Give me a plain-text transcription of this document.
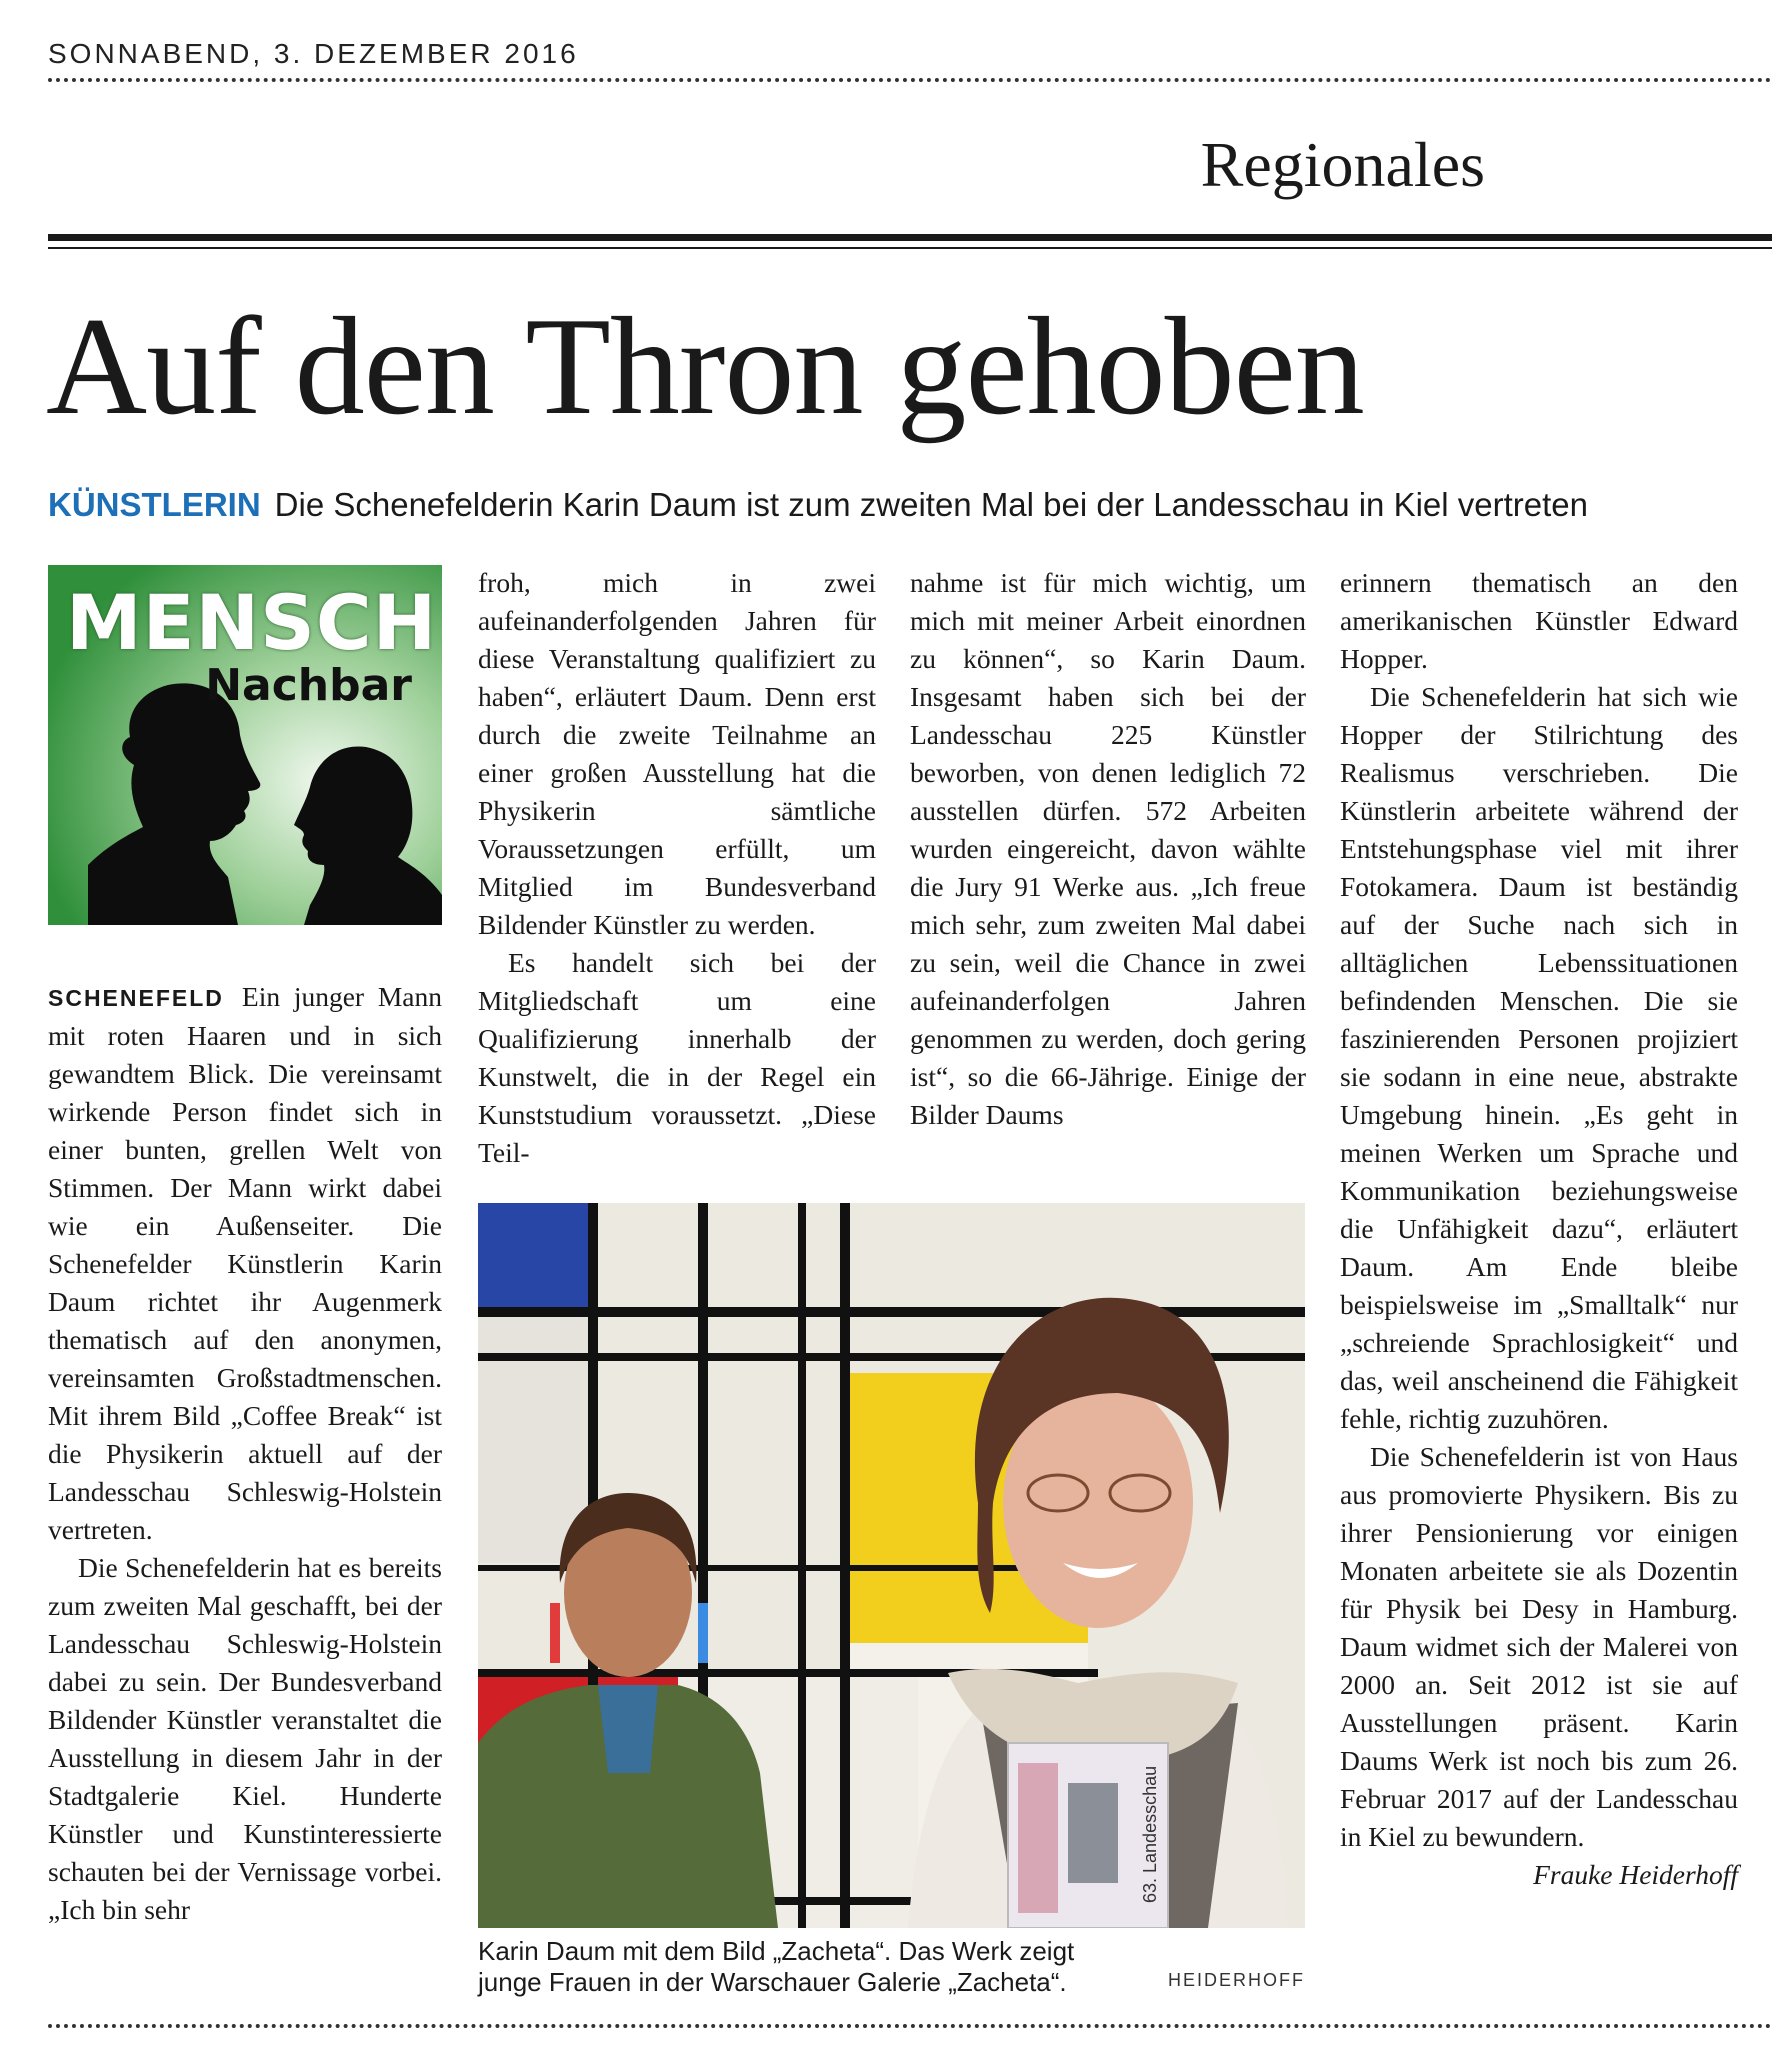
SONNABEND, 3. DEZEMBER 2016
Regionales
Auf den Thron gehoben
KÜNSTLERIN Die Schenefelderin Karin Daum ist zum zweiten Mal bei der Landesschau in Kiel vertreten
MENSCH
Nachbar

SCHENEFELD Ein junger Mann mit roten Haaren und in sich gewandtem Blick. Die vereinsamt wirkende Person findet sich in einer bunten, grellen Welt von Stimmen. Der Mann wirkt dabei wie ein Außenseiter. Die Schenefelder Künstlerin Karin Daum richtet ihr Augenmerk thematisch auf den anonymen, vereinsamten Großstadtmenschen. Mit ihrem Bild „Coffee Break“ ist die Physikerin aktuell auf der Landesschau Schleswig-Holstein vertreten.

Die Schenefelderin hat es bereits zum zweiten Mal geschafft, bei der Landesschau Schleswig-Holstein dabei zu sein. Der Bundesverband Bildender Künstler veranstaltet die Ausstellung in diesem Jahr in der Stadtgalerie Kiel. Hunderte Künstler und Kunstinteressierte schauten bei der Vernissage vorbei. „Ich bin sehr

froh, mich in zwei aufeinanderfolgenden Jahren für diese Veranstaltung qualifiziert zu haben“, erläutert Daum. Denn erst durch die zweite Teilnahme an einer großen Ausstellung hat die Physikerin sämtliche Voraussetzungen erfüllt, um Mitglied im Bundesverband Bildender Künstler zu werden.

Es handelt sich bei der Mitgliedschaft um eine Qualifizierung innerhalb der Kunstwelt, die in der Regel ein Kunststudium voraussetzt. „Diese Teil-

nahme ist für mich wichtig, um mich mit meiner Arbeit einordnen zu können“, so Karin Daum. Insgesamt haben sich bei der Landesschau 225 Künstler beworben, von denen lediglich 72 ausstellen dürfen. 572 Arbeiten wurden eingereicht, davon wählte die Jury 91 Werke aus. „Ich freue mich sehr, zum zweiten Mal dabei zu sein, weil die Chance in zwei aufeinanderfolgen Jahren genommen zu werden, doch gering ist“, so die 66-Jährige. Einige der Bilder Daums

erinnern thematisch an den amerikanischen Künstler Edward Hopper.

Die Schenefelderin hat sich wie Hopper der Stilrichtung des Realismus verschrieben. Die Künstlerin arbeitete während der Entstehungsphase viel mit ihrer Fotokamera. Daum ist beständig auf der Suche nach sich in alltäglichen Lebenssituationen befindenden Menschen. Die sie faszinierenden Personen projiziert sie sodann in eine neue, abstrakte Umgebung hinein. „Es geht in meinen Werken um Sprache und Kommunikation beziehungsweise die Unfähigkeit dazu“, erläutert Daum. Am Ende bleibe beispielsweise im „Smalltalk“ nur „schreiende Sprachlosigkeit“ und das, weil anscheinend die Fähigkeit fehle, richtig zuzuhören.

Die Schenefelderin ist von Haus aus promovierte Physikern. Bis zu ihrer Pensionierung vor einigen Monaten arbeitete sie als Dozentin für Physik bei Desy in Hamburg. Daum widmet sich der Malerei von 2000 an. Seit 2012 ist sie auf Ausstellungen präsent. Karin Daums Werk ist noch bis zum 26. Februar 2017 auf der Landesschau in Kiel zu bewundern.
Frauke Heiderhoff

63. Landesschau
Karin Daum mit dem Bild „Zacheta“. Das Werk zeigt junge Frauen in der Warschauer Galerie „Zacheta“.	HEIDERHOFF
